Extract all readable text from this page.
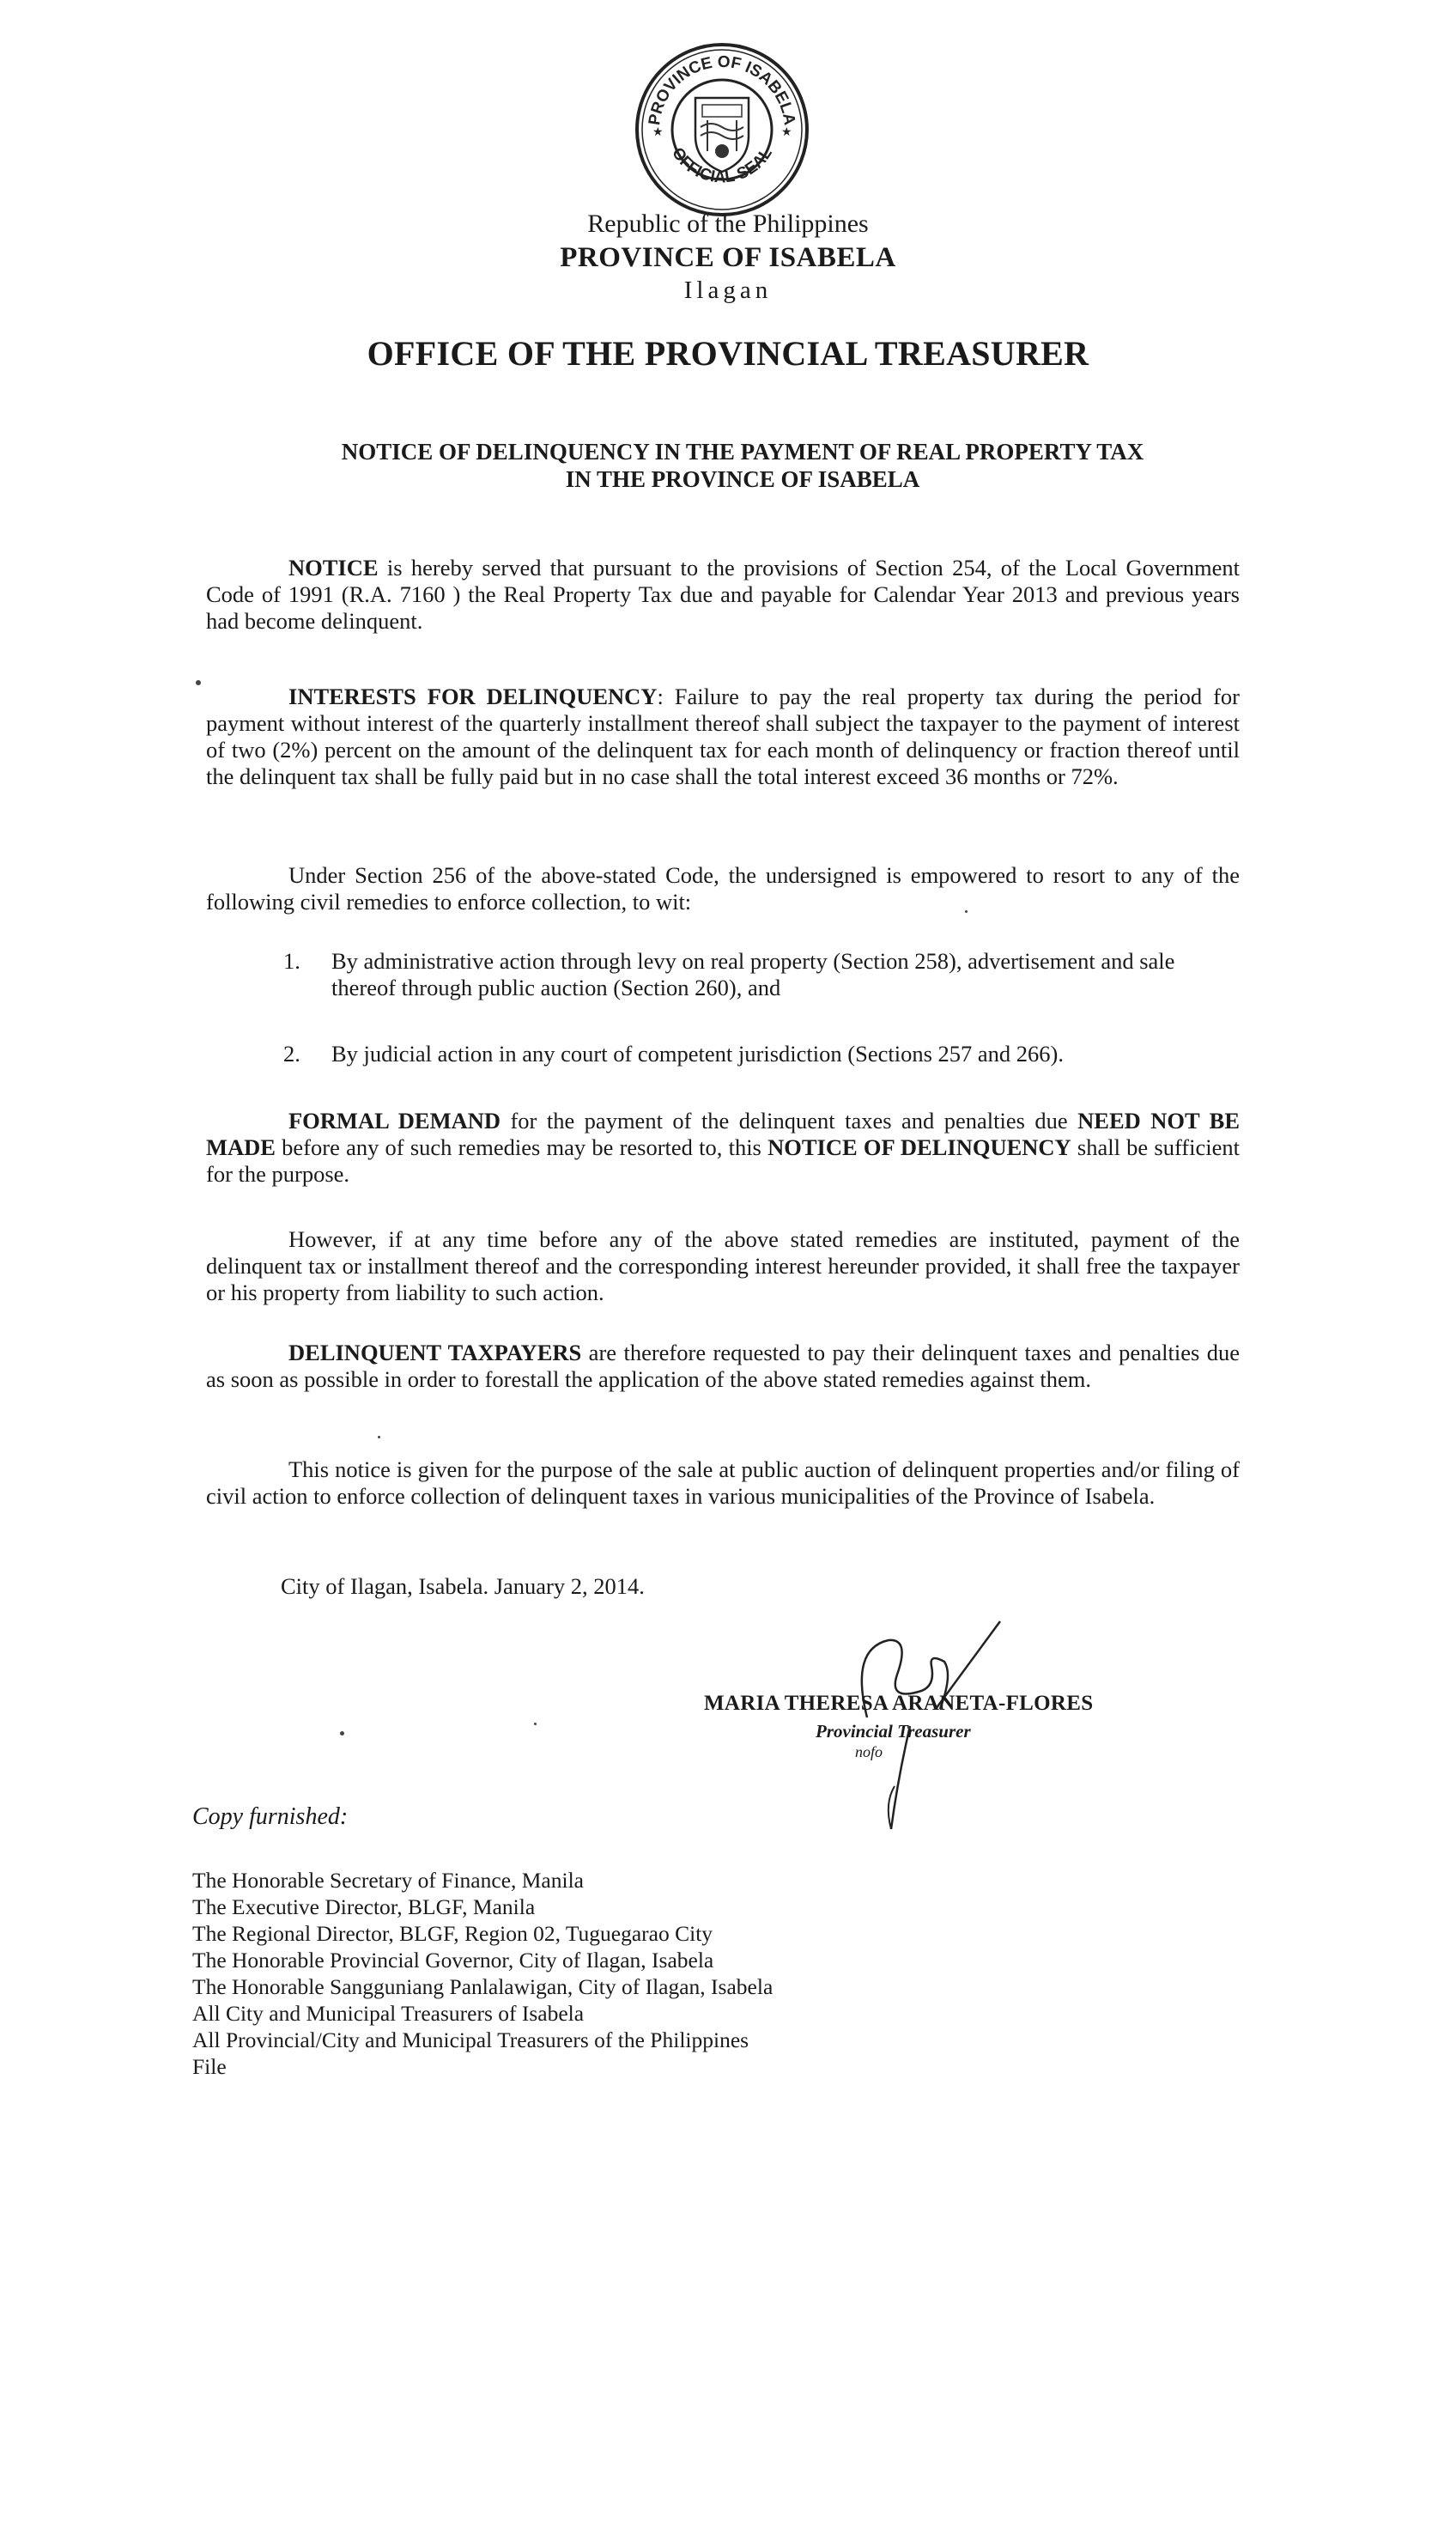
PROVINCE OF ISABELA
OFFICIAL SEAL
★	★
Republic of the Philippines
PROVINCE OF ISABELA
Ilagan
OFFICE OF THE PROVINCIAL TREASURER
NOTICE OF DELINQUENCY IN THE PAYMENT OF REAL PROPERTY TAX
IN THE PROVINCE OF ISABELA
NOTICE is hereby served that pursuant to the provisions of Section 254, of the Local Government Code of 1991 (R.A. 7160 ) the Real Property Tax due and payable for Calendar Year 2013 and previous years had become delinquent.
INTERESTS FOR DELINQUENCY: Failure to pay the real property tax during the period for payment without interest of the quarterly installment thereof shall subject the taxpayer to the payment of interest of two (2%) percent on the amount of the delinquent tax for each month of delinquency or fraction thereof until the delinquent tax shall be fully paid but in no case shall the total interest exceed 36 months or 72%.
Under Section 256 of the above-stated Code, the undersigned is empowered to resort to any of the following civil remedies to enforce collection, to wit:
1.	By administrative action through levy on real property (Section 258), advertisement and sale thereof through public auction (Section 260), and
2.	By judicial action in any court of competent jurisdiction (Sections 257 and 266).
FORMAL DEMAND for the payment of the delinquent taxes and penalties due NEED NOT BE MADE before any of such remedies may be resorted to, this NOTICE OF DELINQUENCY shall be sufficient for the purpose.
However, if at any time before any of the above stated remedies are instituted, payment of the delinquent tax or installment thereof and the corresponding interest hereunder provided, it shall free the taxpayer or his property from liability to such action.
DELINQUENT TAXPAYERS are therefore requested to pay their delinquent taxes and penalties due as soon as possible in order to forestall the application of the above stated remedies against them.
This notice is given for the purpose of the sale at public auction of delinquent properties and/or filing of civil action to enforce collection of delinquent taxes in various municipalities of the Province of Isabela.
City of Ilagan, Isabela. January 2, 2014.
MARIA THERESA ARANETA-FLORES
Provincial Treasurer
nofo
Copy furnished:
The Honorable Secretary of Finance, Manila
The Executive Director, BLGF, Manila
The Regional Director, BLGF, Region 02, Tuguegarao City
The Honorable Provincial Governor, City of Ilagan, Isabela
The Honorable Sangguniang Panlalawigan, City of Ilagan, Isabela
All City and Municipal Treasurers of Isabela
All Provincial/City and Municipal Treasurers of the Philippines
File
